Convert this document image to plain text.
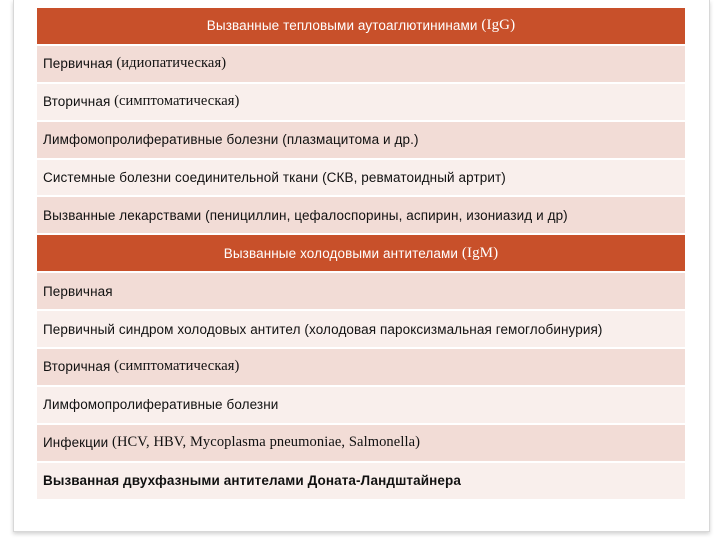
Вызванные тепловыми аутоаглютининами (IgG)
Первичная (идиопатическая)
Вторичная (симптоматическая)
Лимфомопролиферативные болезни (плазмацитома и др.)
Системные болезни соединительной ткани (СКВ, ревматоидный артрит)
Вызванные лекарствами (пенициллин, цефалоспорины, аспирин, изониазид и др)
Вызванные холодовыми антителами (IgM)
Первичная
Первичный синдром холодовых антител (холодовая пароксизмальная гемоглобинурия)
Вторичная (симптоматическая)
Лимфомопролиферативные болезни
Инфекции (HCV, HBV, Mycoplasma pneumoniae, Salmonella)
Вызванная двухфазными антителами Доната-Ландштайнера
